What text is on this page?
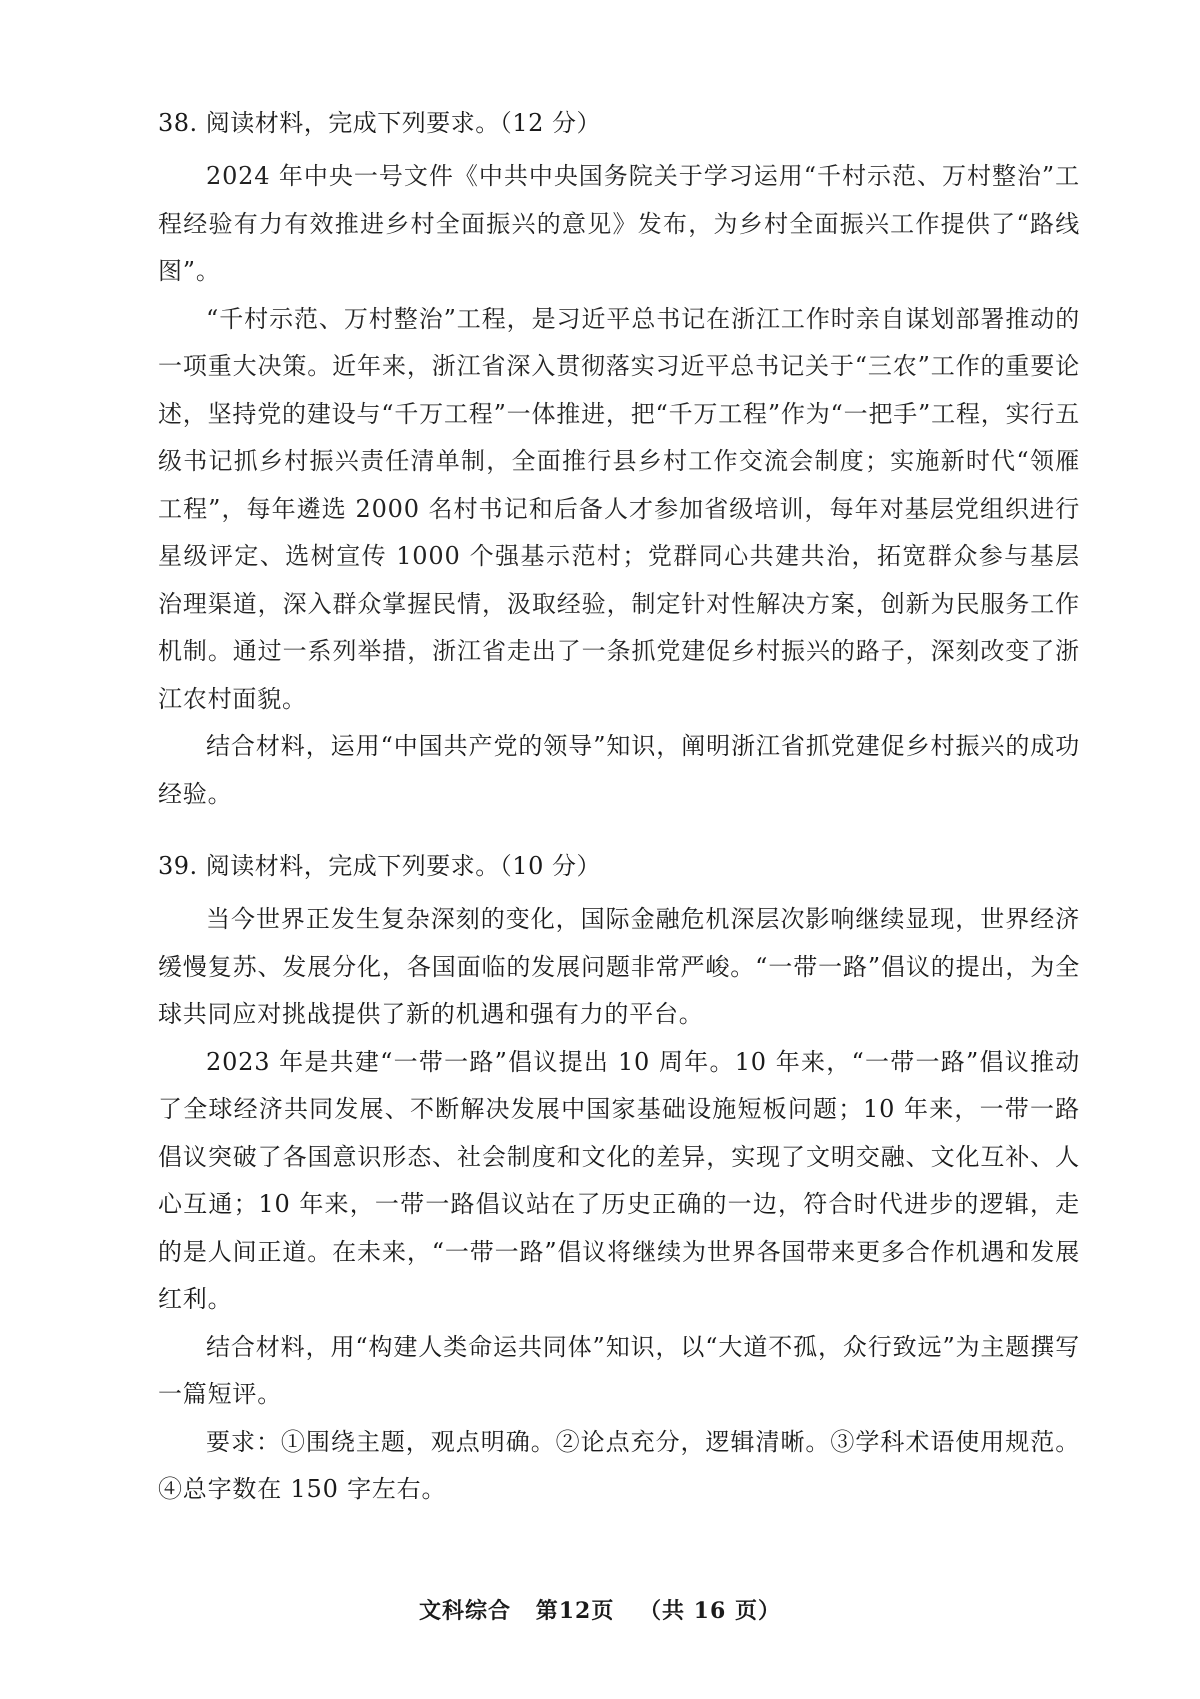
38. 阅读材料，完成下列要求。（12 分）

2024 年中央一号文件《中共中央国务院关于学习运用“千村示范、万村整治”工程经验有力有效推进乡村全面振兴的意见》发布，为乡村全面振兴工作提供了“路线图”。

“千村示范、万村整治”工程，是习近平总书记在浙江工作时亲自谋划部署推动的一项重大决策。近年来，浙江省深入贯彻落实习近平总书记关于“三农”工作的重要论述，坚持党的建设与“千万工程”一体推进，把“千万工程”作为“一把手”工程，实行五级书记抓乡村振兴责任清单制，全面推行县乡村工作交流会制度；实施新时代“领雁工程”，每年遴选 2000 名村书记和后备人才参加省级培训，每年对基层党组织进行星级评定、选树宣传 1000 个强基示范村；党群同心共建共治，拓宽群众参与基层治理渠道，深入群众掌握民情，汲取经验，制定针对性解决方案，创新为民服务工作机制。通过一系列举措，浙江省走出了一条抓党建促乡村振兴的路子，深刻改变了浙江农村面貌。

结合材料，运用“中国共产党的领导”知识，阐明浙江省抓党建促乡村振兴的成功经验。

39. 阅读材料，完成下列要求。（10 分）

当今世界正发生复杂深刻的变化，国际金融危机深层次影响继续显现，世界经济缓慢复苏、发展分化，各国面临的发展问题非常严峻。“一带一路”倡议的提出，为全球共同应对挑战提供了新的机遇和强有力的平台。

2023 年是共建“一带一路”倡议提出 10 周年。10 年来，“一带一路”倡议推动了全球经济共同发展、不断解决发展中国家基础设施短板问题；10 年来，一带一路倡议突破了各国意识形态、社会制度和文化的差异，实现了文明交融、文化互补、人心互通；10 年来，一带一路倡议站在了历史正确的一边，符合时代进步的逻辑，走的是人间正道。在未来，“一带一路”倡议将继续为世界各国带来更多合作机遇和发展红利。

结合材料，用“构建人类命运共同体”知识，以“大道不孤，众行致远”为主题撰写一篇短评。

要求：①围绕主题，观点明确。②论点充分，逻辑清晰。③学科术语使用规范。④总字数在 150 字左右。

文科综合 第12页 （共 16 页）
